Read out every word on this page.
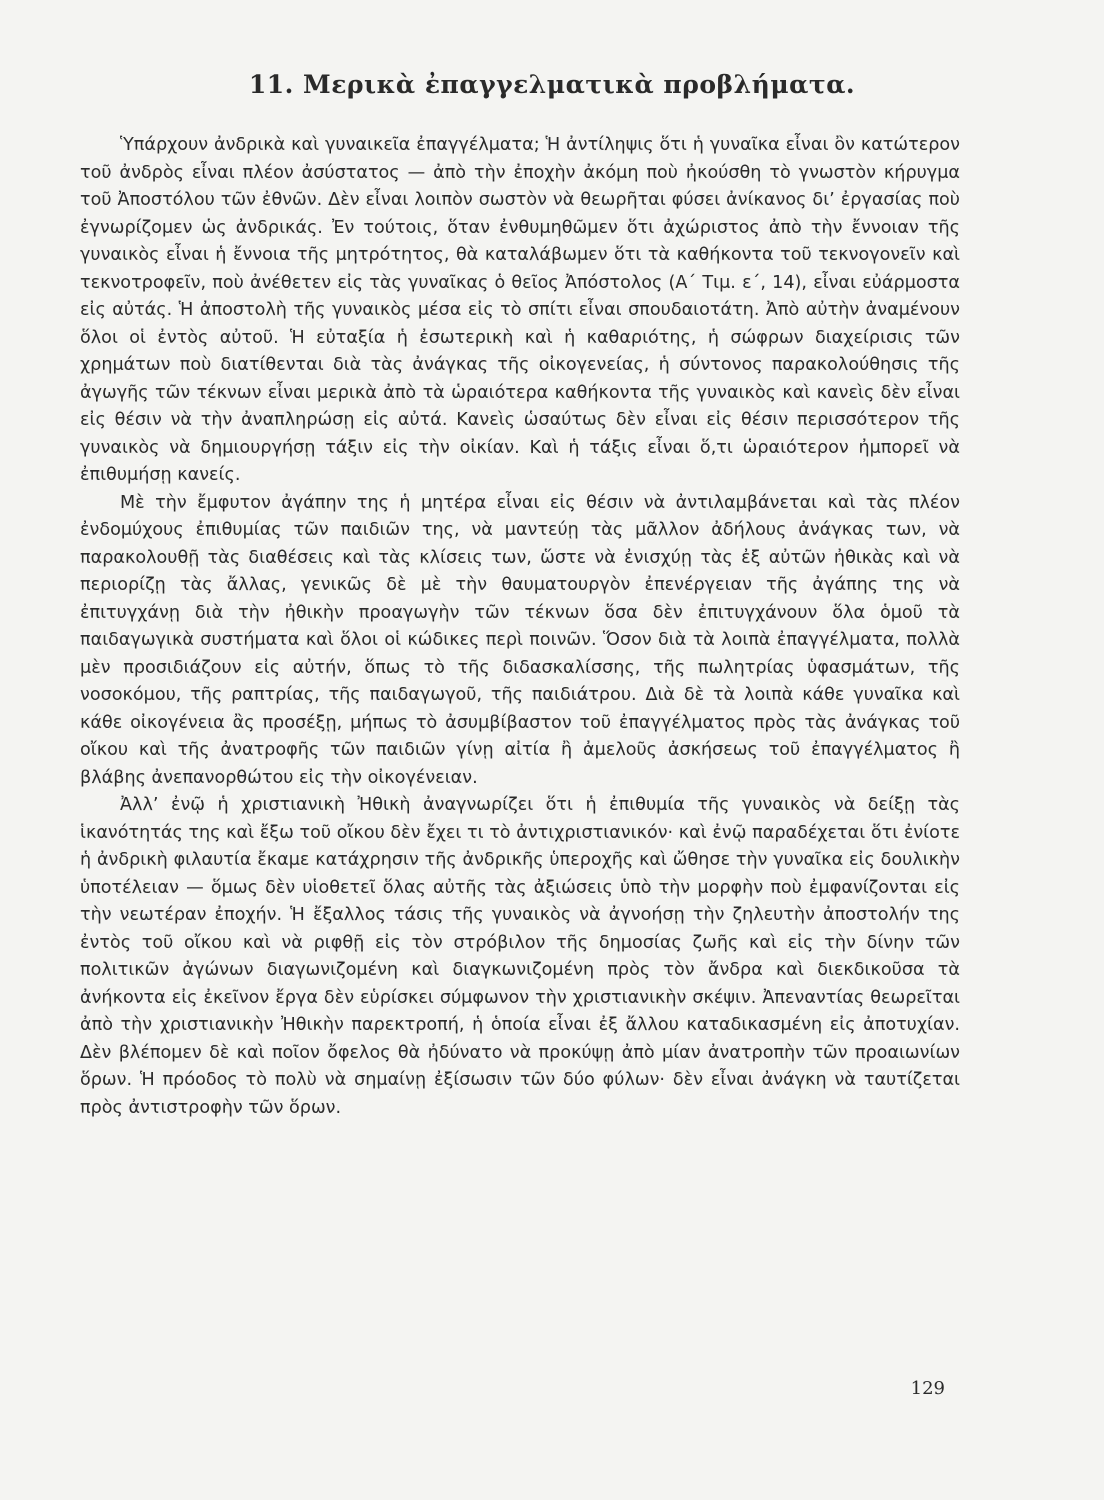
11. Μερικὰ ἐπαγγελματικὰ προβλήματα.

Ὑπάρχουν ἀνδρικὰ καὶ γυναικεῖα ἐπαγγέλματα; Ἡ ἀντίληψις ὅτι ἡ γυναῖκα εἶναι ὂν κατώτερον τοῦ ἀνδρὸς εἶναι πλέον ἀσύστατος — ἀπὸ τὴν ἐποχὴν ἀκόμη ποὺ ἠκούσθη τὸ γνωστὸν κήρυγμα τοῦ Ἀποστόλου τῶν ἐθνῶν. Δὲν εἶναι λοιπὸν σωστὸν νὰ θεωρῆται φύσει ἀνίκανος δι’ ἐργασίας ποὺ ἐγνωρίζομεν ὡς ἀνδρικάς. Ἐν τούτοις, ὅταν ἐνθυμηθῶμεν ὅτι ἀχώριστος ἀπὸ τὴν ἔννοιαν τῆς γυναικὸς εἶναι ἡ ἔννοια τῆς μητρότητος, θὰ καταλάβωμεν ὅτι τὰ καθήκοντα τοῦ τεκνογονεῖν καὶ τεκνοτροφεῖν, ποὺ ἀνέθετεν εἰς τὰς γυναῖκας ὁ θεῖος Ἀπόστολος (Α΄ Τιμ. ε΄, 14), εἶναι εὐάρμοστα εἰς αὐτάς. Ἡ ἀποστολὴ τῆς γυναικὸς μέσα εἰς τὸ σπίτι εἶναι σπουδαιοτάτη. Ἀπὸ αὐτὴν ἀναμένουν ὅλοι οἱ ἐντὸς αὐτοῦ. Ἡ εὐταξία ἡ ἐσωτερικὴ καὶ ἡ καθαριότης, ἡ σώφρων διαχείρισις τῶν χρημάτων ποὺ διατίθενται διὰ τὰς ἀνάγκας τῆς οἰκογενείας, ἡ σύντονος παρακολούθησις τῆς ἀγωγῆς τῶν τέκνων εἶναι μερικὰ ἀπὸ τὰ ὡραιότερα καθήκοντα τῆς γυναικὸς καὶ κανεὶς δὲν εἶναι εἰς θέσιν νὰ τὴν ἀναπληρώσῃ εἰς αὐτά. Κανεὶς ὡσαύτως δὲν εἶναι εἰς θέσιν περισσότερον τῆς γυναικὸς νὰ δημιουργήσῃ τάξιν εἰς τὴν οἰκίαν. Καὶ ἡ τάξις εἶναι ὅ,τι ὡραιότερον ἠμπορεῖ νὰ ἐπιθυμήσῃ κανείς.

Μὲ τὴν ἔμφυτον ἀγάπην της ἡ μητέρα εἶναι εἰς θέσιν νὰ ἀντιλαμβάνεται καὶ τὰς πλέον ἐνδομύχους ἐπιθυμίας τῶν παιδιῶν της, νὰ μαντεύῃ τὰς μᾶλλον ἀδήλους ἀνάγκας των, νὰ παρακολουθῇ τὰς διαθέσεις καὶ τὰς κλίσεις των, ὥστε νὰ ἐνισχύῃ τὰς ἐξ αὐτῶν ἠθικὰς καὶ νὰ περιορίζῃ τὰς ἄλλας, γενικῶς δὲ μὲ τὴν θαυματουργὸν ἐπενέργειαν τῆς ἀγάπης της νὰ ἐπιτυγχάνῃ διὰ τὴν ἠθικὴν προαγωγὴν τῶν τέκνων ὅσα δὲν ἐπιτυγχάνουν ὅλα ὁμοῦ τὰ παιδαγωγικὰ συστήματα καὶ ὅλοι οἱ κώδικες περὶ ποινῶν. Ὅσον διὰ τὰ λοιπὰ ἐπαγγέλματα, πολλὰ μὲν προσιδιάζουν εἰς αὐτήν, ὅπως τὸ τῆς διδασκαλίσσης, τῆς πωλητρίας ὑφασμάτων, τῆς νοσοκόμου, τῆς ραπτρίας, τῆς παιδαγωγοῦ, τῆς παιδιάτρου. Διὰ δὲ τὰ λοιπὰ κάθε γυναῖκα καὶ κάθε οἰκογένεια ἂς προσέξῃ, μήπως τὸ ἀσυμβίβαστον τοῦ ἐπαγγέλματος πρὸς τὰς ἀνάγκας τοῦ οἴκου καὶ τῆς ἀνατροφῆς τῶν παιδιῶν γίνῃ αἰτία ἢ ἀμελοῦς ἀσκήσεως τοῦ ἐπαγγέλματος ἢ βλάβης ἀνεπανορθώτου εἰς τὴν οἰκογένειαν.

Ἀλλ’ ἐνῷ ἡ χριστιανικὴ Ἠθικὴ ἀναγνωρίζει ὅτι ἡ ἐπιθυμία τῆς γυναικὸς νὰ δείξῃ τὰς ἱκανότητάς της καὶ ἔξω τοῦ οἴκου δὲν ἔχει τι τὸ ἀντιχριστιανικόν· καὶ ἐνῷ παραδέχεται ὅτι ἐνίοτε ἡ ἀνδρικὴ φιλαυτία ἔκαμε κατάχρησιν τῆς ἀνδρικῆς ὑπεροχῆς καὶ ὤθησε τὴν γυναῖκα εἰς δουλικὴν ὑποτέλειαν — ὅμως δὲν υἱοθετεῖ ὅλας αὐτῆς τὰς ἀξιώσεις ὑπὸ τὴν μορφὴν ποὺ ἐμφανίζονται εἰς τὴν νεωτέραν ἐποχήν. Ἡ ἔξαλλος τάσις τῆς γυναικὸς νὰ ἀγνοήσῃ τὴν ζηλευτὴν ἀποστολήν της ἐντὸς τοῦ οἴκου καὶ νὰ ριφθῇ εἰς τὸν στρόβιλον τῆς δημοσίας ζωῆς καὶ εἰς τὴν δίνην τῶν πολιτικῶν ἀγώνων διαγωνιζομένη καὶ διαγκωνιζομένη πρὸς τὸν ἄνδρα καὶ διεκδικοῦσα τὰ ἀνήκοντα εἰς ἐκεῖνον ἔργα δὲν εὑρίσκει σύμφωνον τὴν χριστιανικὴν σκέψιν. Ἀπεναντίας θεωρεῖται ἀπὸ τὴν χριστιανικὴν Ἠθικὴν παρεκτροπή, ἡ ὁποία εἶναι ἐξ ἄλλου καταδικασμένη εἰς ἀποτυχίαν. Δὲν βλέπομεν δὲ καὶ ποῖον ὄφελος θὰ ἠδύνατο νὰ προκύψῃ ἀπὸ μίαν ἀνατροπὴν τῶν προαιωνίων ὅρων. Ἡ πρόοδος τὸ πολὺ νὰ σημαίνῃ ἐξίσωσιν τῶν δύο φύλων· δὲν εἶναι ἀνάγκη νὰ ταυτίζεται πρὸς ἀντιστροφὴν τῶν ὅρων.

129
